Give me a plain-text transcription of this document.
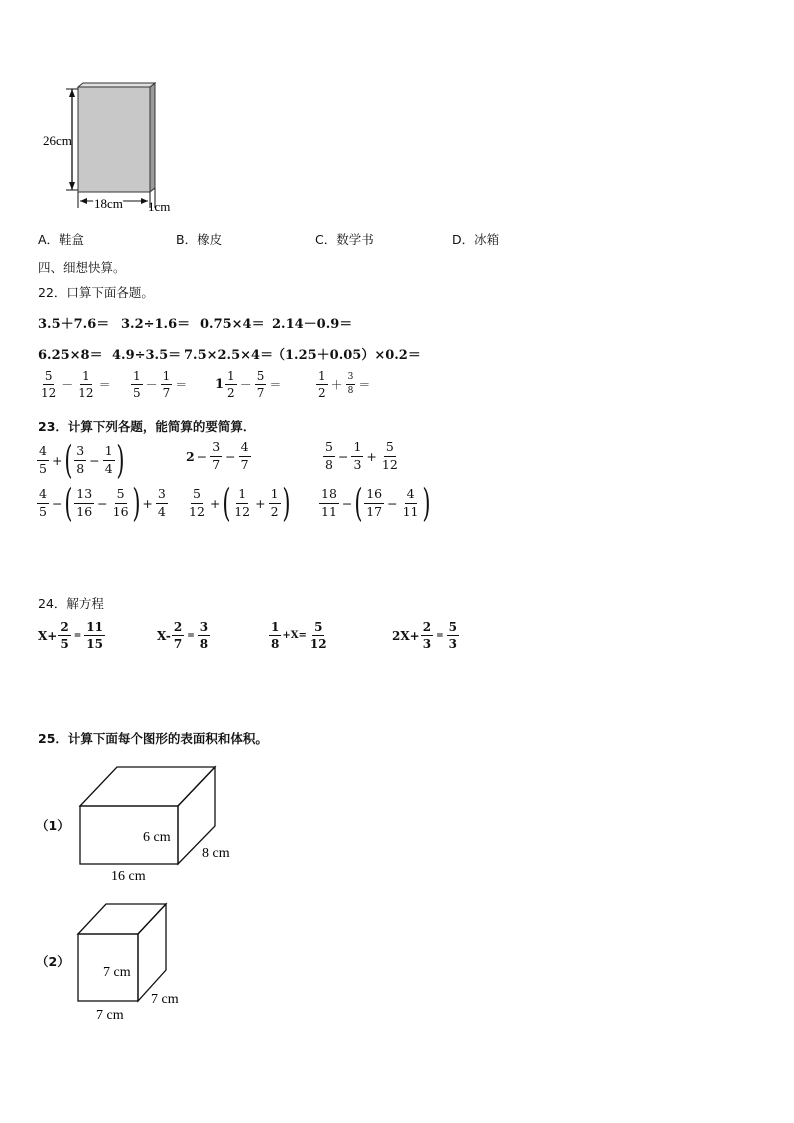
26cm
18cm 1cm
A．鞋盒	B．橡皮	C．数学书	D．冰箱
四、细想快算。
22．口算下面各题。
3.5＋7.6＝ 3.2÷1.6＝ 0.75×4＝ 2.14－0.9＝
6.25×8＝ 4.9÷3.5＝ 7.5×2.5×4＝
（1.25＋0.05）×0.2＝
$\frac{5}{12} - \frac{1}{12} = \frac{1}{5} - \frac{1}{7} = 1 \frac{1}{2} - \frac{5}{7}$ ＝	$\frac{1}{2} + \frac{3}{8}$ ＝
23．计算下列各题，能简算的要简算．
$\frac{4}{5}$ + ( $\frac{3}{8} - \frac{1}{4}$ )	$2 - \frac{3}{7} - \frac{4}{7}$	$\frac{5}{8} - \frac{1}{3} + \frac{5}{12}$
$\frac{4}{5}$ − ( $\frac{13}{16} - \frac{5}{16}$ ) + $\frac{3}{4} \frac{5}{12}$ + ( $\frac{1}{12} + \frac{1}{2}$ ) $\frac{18}{11}$ − ( $\frac{16}{17} - \frac{4}{11}$ )
24．解方程
$X+ \frac{2}{5} = \frac{11}{15}$	$X- \frac{2}{7} = \frac{3}{8}$	$\frac{1}{8} +X= \frac{5}{12}$	$2X+ \frac{2}{3} = \frac{5}{3}$
25．计算下面每个图形的表面积和体积。
（1）
6 cm
8 cm
16 cm
（2）
7 cm
7 cm
7 cm
